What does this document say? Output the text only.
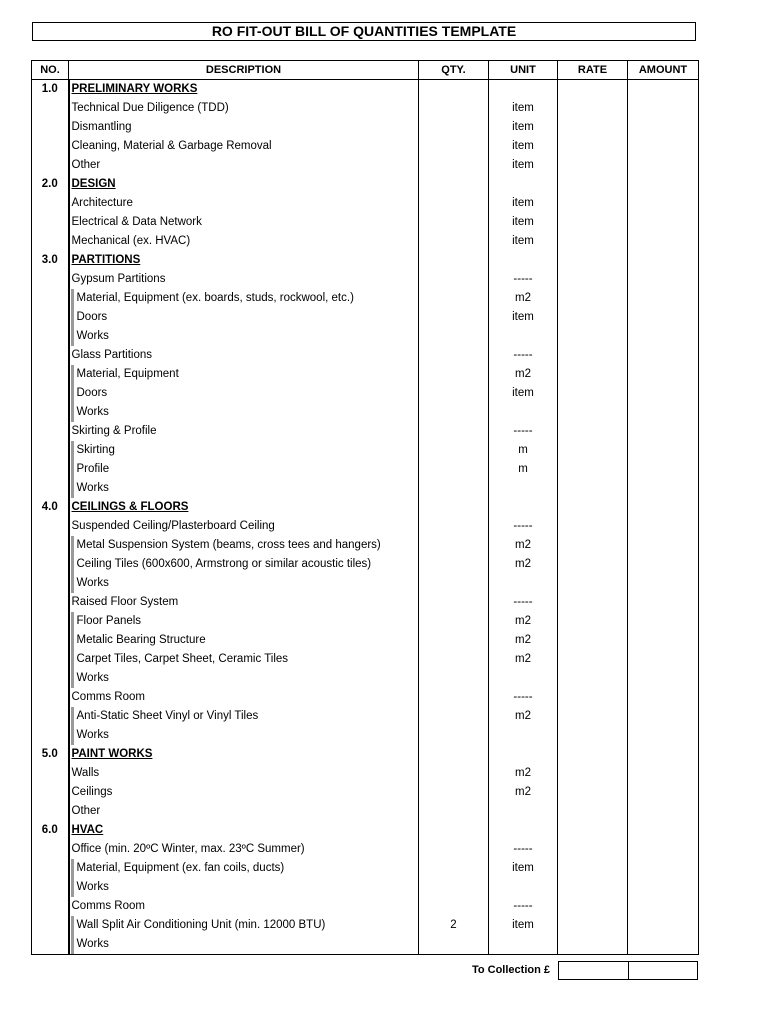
RO FIT-OUT BILL OF QUANTITIES TEMPLATE
NO.	DESCRIPTION	QTY.	UNIT	RATE	AMOUNT
1.0	PRELIMINARY WORKS				
	Technical Due Diligence (TDD)		item		
	Dismantling		item		
	Cleaning, Material & Garbage Removal		item		
	Other		item		
2.0	DESIGN				
	Architecture		item		
	Electrical & Data Network		item		
	Mechanical (ex. HVAC)		item		
3.0	PARTITIONS				
	Gypsum Partitions		-----		
	Material, Equipment (ex. boards, studs, rockwool, etc.)		m2		
	Doors		item		
	Works				
	Glass Partitions		-----		
	Material, Equipment		m2		
	Doors		item		
	Works				
	Skirting & Profile		-----		
	Skirting		m		
	Profile		m		
	Works				
4.0	CEILINGS & FLOORS				
	Suspended Ceiling/Plasterboard Ceiling		-----		
	Metal Suspension System (beams, cross tees and hangers)		m2		
	Ceiling Tiles (600x600, Armstrong or similar acoustic tiles)		m2		
	Works				
	Raised Floor System		-----		
	Floor Panels		m2		
	Metalic Bearing Structure		m2		
	Carpet Tiles, Carpet Sheet, Ceramic Tiles		m2		
	Works				
	Comms Room		-----		
	Anti-Static Sheet Vinyl or Vinyl Tiles		m2		
	Works				
5.0	PAINT WORKS				
	Walls		m2		
	Ceilings		m2		
	Other				
6.0	HVAC				
	Office (min. 20ºC Winter, max. 23ºC Summer)		-----		
	Material, Equipment (ex. fan coils, ducts)		item		
	Works				
	Comms Room		-----		
	Wall Split Air Conditioning Unit (min. 12000 BTU)	2	item		
	Works				
To Collection £
